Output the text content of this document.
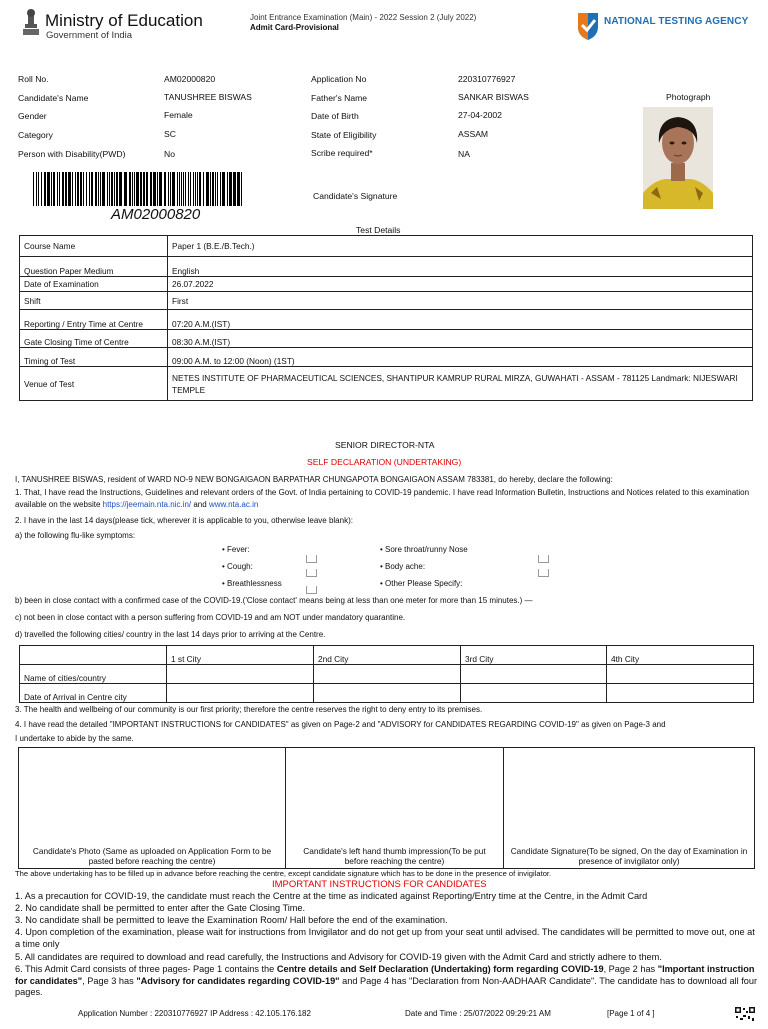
Ministry of Education
Government of India
Joint Entrance Examination (Main) - 2022 Session 2 (July 2022)
Admit Card-Provisional
NATIONAL TESTING AGENCY
Roll No.	AM02000820	Application No	220310776927
Candidate's Name	TANUSHREE BISWAS	Father's Name	SANKAR BISWAS
Gender	Female	Date of Birth	27-04-2002
Category	SC	State of Eligibility	ASSAM
Person with Disability(PWD)	No	Scribe required*	NA
Photograph
AM02000820
Candidate's Signature
Test Details
Course Name	Paper 1 (B.E./B.Tech.)
Question Paper Medium	English
Date of Examination	26.07.2022
Shift	First
Reporting / Entry Time at Centre	07:20 A.M.(IST)
Gate Closing Time of Centre	08:30 A.M.(IST)
Timing of Test	09:00 A.M. to 12:00 (Noon) (1ST)
Venue of Test	NETES INSTITUTE OF PHARMACEUTICAL SCIENCES, SHANTIPUR KAMRUP RURAL MIRZA, GUWAHATI - ASSAM - 781125 Landmark: NIJESWARI TEMPLE
SENIOR DIRECTOR-NTA
SELF DECLARATION (UNDERTAKING)
I, TANUSHREE BISWAS, resident of WARD NO-9 NEW BONGAIGAON BARPATHAR CHUNGAPOTA BONGAIGAON ASSAM 783381, do hereby, declare the following:
1. That, I have read the Instructions, Guidelines and relevant orders of the Govt. of India pertaining to COVID-19 pandemic. I have read Information Bulletin, Instructions and Notices related to this examination available on the website https://jeemain.nta.nic.in/ and www.nta.ac.in
2. I have in the last 14 days(please tick, wherever it is applicable to you, otherwise leave blank):
a) the following flu-like symptoms:
• Fever:
• Cough:
• Breathlessness
• Sore throat/runny Nose
• Body ache:
• Other Please Specify:
b) been in close contact with a confirmed case of the COVID-19.('Close contact' means being at less than one meter for more than 15 minutes.) —
c) not been in close contact with a person suffering from COVID-19 and am NOT under mandatory quarantine.
d) travelled the following cities/ country in the last 14 days prior to arriving at the Centre.
	1 st City	2nd City	3rd City	4th City
Name of cities/country				
Date of Arrival in Centre city				
3. The health and wellbeing of our community is our first priority; therefore the centre reserves the right to deny entry to its premises.
4. I have read the detailed "IMPORTANT INSTRUCTIONS for CANDIDATES" as given on Page-2 and "ADVISORY for CANDIDATES REGARDING COVID-19" as given on Page-3 and
I undertake to abide by the same.
Candidate's Photo (Same as uploaded on Application Form to be pasted before reaching the centre)	Candidate's left hand thumb impression(To be put before reaching the centre)	Candidate Signature(To be signed, On the day of Examination in presence of invigilator only)
The above undertaking has to be filled up in advance before reaching the centre, except candidate signature which has to be done in the presence of invigilator.
IMPORTANT INSTRUCTIONS FOR CANDIDATES
1. As a precaution for COVID-19, the candidate must reach the Centre at the time as indicated against Reporting/Entry time at the Centre, in the Admit Card
2. No candidate shall be permitted to enter after the Gate Closing Time.
3. No candidate shall be permitted to leave the Examination Room/ Hall before the end of the examination.
4. Upon completion of the examination, please wait for instructions from Invigilator and do not get up from your seat until advised. The candidates will be permitted to move out, one at a time only
5. All candidates are required to download and read carefully, the Instructions and Advisory for COVID-19 given with the Admit Card and strictly adhere to them.
6. This Admit Card consists of three pages- Page 1 contains the Centre details and Self Declaration (Undertaking) form regarding COVID-19, Page 2 has "Important instruction for candidates", Page 3 has "Advisory for candidates regarding COVID-19" and Page 4 has "Declaration from Non-AADHAAR Candidate". The candidate has to download all four pages.
Application Number : 220310776927 IP Address : 42.105.176.182	Date and Time : 25/07/2022 09:29:21 AM	[Page 1 of 4 ]
